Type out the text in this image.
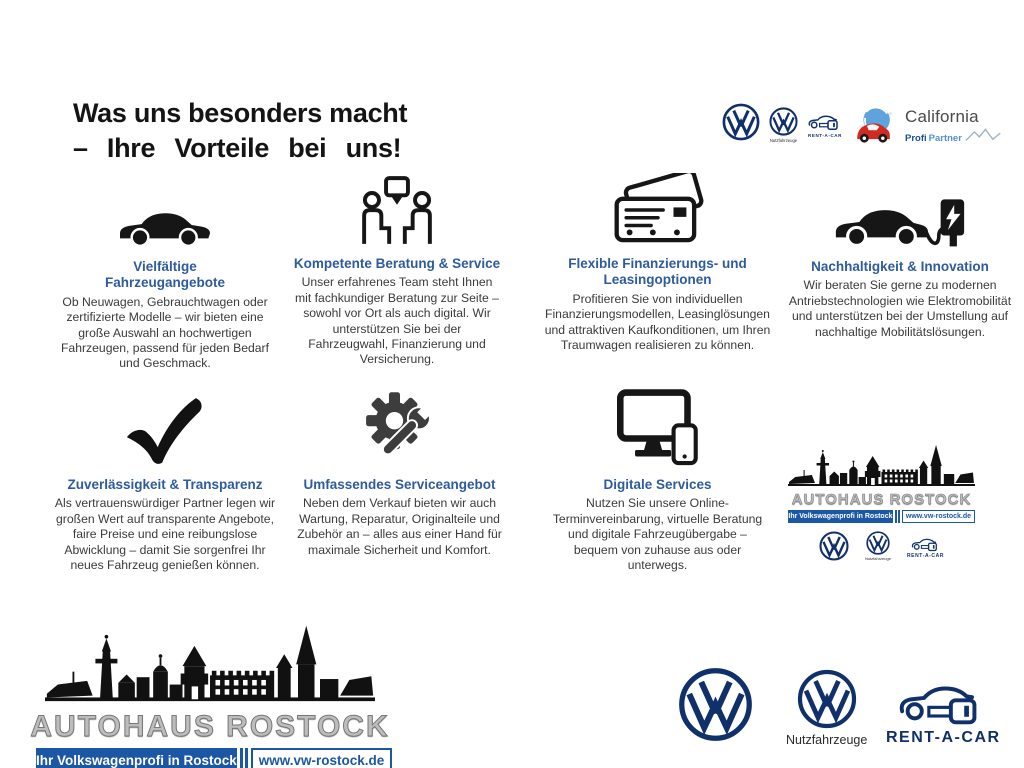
Was uns besonders macht
– Ihre Vorteile bei uns!	Nutzfahrzeuge
RENT-A-CAR
California
Profi Partner
Vielfältige Fahrzeugangebote
Ob Neuwagen, Gebrauchtwagen oder zertifizierte Modelle – wir bieten eine große Auswahl an hochwertigen Fahrzeugen, passend für jeden Bedarf und Geschmack.
Kompetente Beratung & Service
Unser erfahrenes Team steht Ihnen mit fachkundiger Beratung zur Seite – sowohl vor Ort als auch digital. Wir unterstützen Sie bei der Fahrzeugwahl, Finanzierung und Versicherung.
Flexible Finanzierungs- und Leasingoptionen
Profitieren Sie von individuellen Finanzierungsmodellen, Leasinglösungen und attraktiven Kaufkonditionen, um Ihren Traumwagen realisieren zu können.
Nachhaltigkeit & Innovation
Wir beraten Sie gerne zu modernen Antriebstechnologien wie Elektromobilität und unterstützen bei der Umstellung auf nachhaltige Mobilitätslösungen.
Zuverlässigkeit & Transparenz
Als vertrauenswürdiger Partner legen wir großen Wert auf transparente Angebote, faire Preise und eine reibungslose Abwicklung – damit Sie sorgenfrei Ihr neues Fahrzeug genießen können.
Umfassendes Serviceangebot
Neben dem Verkauf bieten wir auch Wartung, Reparatur, Originalteile und Zubehör an – alles aus einer Hand für maximale Sicherheit und Komfort.
Digitale Services
Nutzen Sie unsere Online-Terminvereinbarung, virtuelle Beratung und digitale Fahrzeugübergabe – bequem von zuhause aus oder unterwegs.
AUTOHAUS ROSTOCK
Ihr Volkswagenprofi in Rostock	www.vw-rostock.de
Nutzfahrzeuge	RENT-A-CAR
AUTOHAUS ROSTOCK
Ihr Volkswagenprofi in Rostock	www.vw-rostock.de
Nutzfahrzeuge RENT-A-CAR
